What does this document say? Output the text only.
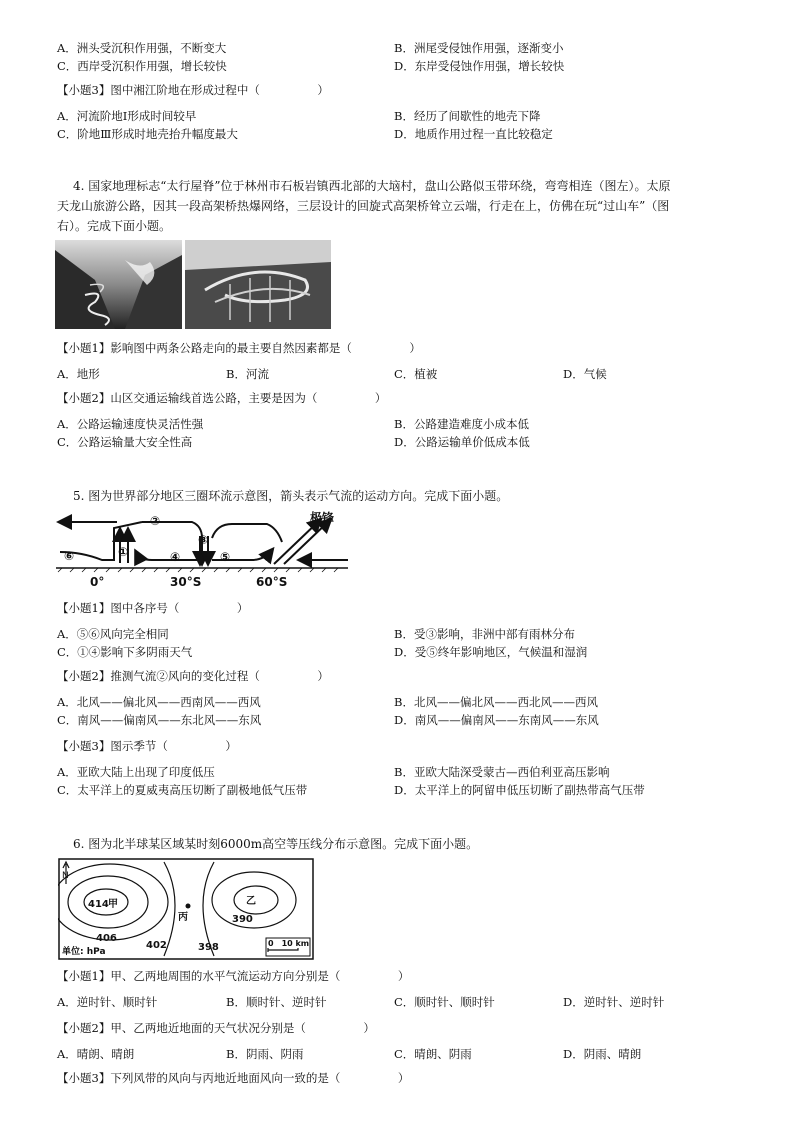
A．洲头受沉积作用强，不断变大	B．洲尾受侵蚀作用强，逐渐变小
C．西岸受沉积作用强，增长较快	D．东岸受侵蚀作用强，增长较快
【小题3】图中湘江阶地在形成过程中（　　　　　）
A．河流阶地Ⅰ形成时间较早	B．经历了间歇性的地壳下降
C．阶地Ⅲ形成时地壳抬升幅度最大	D．地质作用过程一直比较稳定
4. 国家地理标志“太行屋脊”位于林州市石板岩镇西北部的大垴村，盘山公路似玉带环绕，弯弯相连（图左）。太原
天龙山旅游公路，因其一段高架桥热爆网络，三层设计的回旋式高架桥耸立云端，行走在上，仿佛在玩“过山车”（图
右）。完成下面小题。
【小题1】影响图中两条公路走向的最主要自然因素都是（　　　　　）
A．地形	B．河流	C．植被	D．气候
【小题2】山区交通运输线首选公路，主要是因为（　　　　　）
A．公路运输速度快灵活性强	B．公路建造难度小成本低
C．公路运输量大安全性高	D．公路运输单价低成本低
5. 图为世界部分地区三圈环流示意图，箭头表示气流的运动方向。完成下面小题。
⑥	①
②
③
④	⑤
极锋
0°	30°S	60°S
【小题1】图中各序号（　　　　　）
A．⑤⑥风向完全相同	B．受③影响，非洲中部有雨林分布
C．①④影响下多阴雨天气	D．受⑤终年影响地区，气候温和湿润
【小题2】推测气流②风向的变化过程（　　　　　）
A．北风——偏北风——西南风——西风	B．北风——偏北风——西北风——西风
C．南风——偏南风——东北风——东风	D．南风——偏南风——东南风——东风
【小题3】图示季节（　　　　　）
A．亚欧大陆上出现了印度低压	B．亚欧大陆深受蒙古—西伯利亚高压影响
C．太平洋上的夏威夷高压切断了副极地低气压带	D．太平洋上的阿留申低压切断了副热带高气压带
6. 图为北半球某区域某时刻6000m高空等压线分布示意图。完成下面小题。
N
414 甲
406
402
丙
398
乙
390
单位: hPa
0　10 km
【小题1】甲、乙两地周围的水平气流运动方向分别是（　　　　　）
A．逆时针、顺时针	B．顺时针、逆时针	C．顺时针、顺时针	D．逆时针、逆时针
【小题2】甲、乙两地近地面的天气状况分别是（　　　　　）
A．晴朗、晴朗	B．阴雨、阴雨	C．晴朗、阴雨	D．阴雨、晴朗
【小题3】下列风带的风向与丙地近地面风向一致的是（　　　　　）
